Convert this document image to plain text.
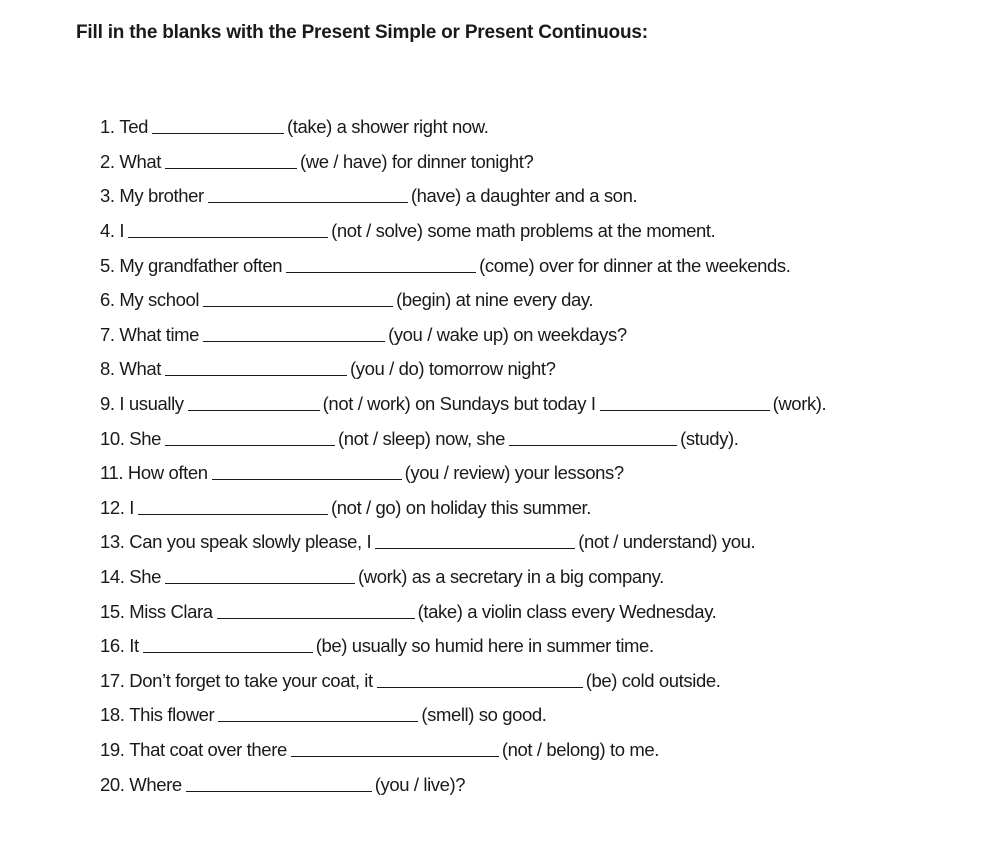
Fill in the blanks with the Present Simple or Present Continuous:
1.
Ted	(take) a shower right now.
2.
What	(we / have) for dinner tonight?
3.
My brother	(have) a daughter and a son.
4.
I	(not / solve) some math problems at the moment.
5.
My grandfather often	(come) over for dinner at the weekends.
6.
My school	(begin) at nine every day.
7.
What time	(you / wake up) on weekdays?
8.
What	(you / do) tomorrow night?
9.
I usually	(not / work) on Sundays but today I	(work).
10.
She	(not / sleep) now, she	(study).
11.
How often	(you / review) your lessons?
12.
I	(not / go) on holiday this summer.
13.
Can you speak slowly please, I	(not / understand) you.
14.
She	(work) as a secretary in a big company.
15.
Miss Clara	(take) a violin class every Wednesday.
16.
It	(be) usually so humid here in summer time.
17.
Don’t forget to take your coat, it	(be) cold outside.
18.
This flower	(smell) so good.
19.
That coat over there	(not / belong) to me.
20.
Where	(you / live)?
